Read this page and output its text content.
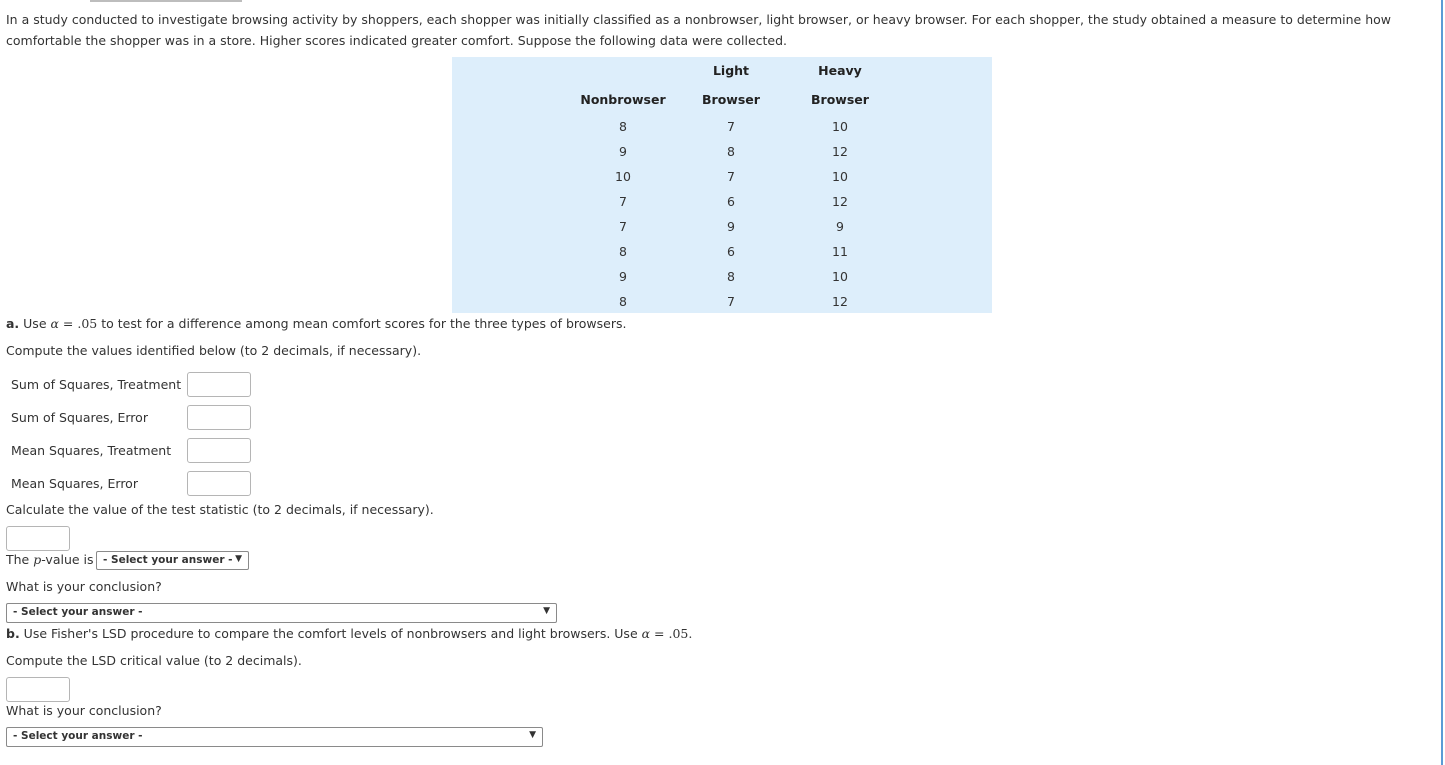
In a study conducted to investigate browsing activity by shoppers, each shopper was initially classified as a nonbrowser, light browser, or heavy browser. For each shopper, the study obtained a measure to determine how comfortable the shopper was in a store. Higher scores indicated greater comfort. Suppose the following data were collected.
	Light	Heavy
Nonbrowser	Browser	Browser
8	7	10
9	8	12
10	7	10
7	6	12
7	9	9
8	6	11
9	8	10
8	7	12
a. Use α = .05 to test for a difference among mean comfort scores for the three types of browsers.
Compute the values identified below (to 2 decimals, if necessary).
Sum of Squares, Treatment
Sum of Squares, Error
Mean Squares, Treatment
Mean Squares, Error
Calculate the value of the test statistic (to 2 decimals, if necessary).
The p-value is - Select your answer - ▼
What is your conclusion?
- Select your answer -	▼
b. Use Fisher's LSD procedure to compare the comfort levels of nonbrowsers and light browsers. Use α = .05.
Compute the LSD critical value (to 2 decimals).
What is your conclusion?
- Select your answer -	▼
